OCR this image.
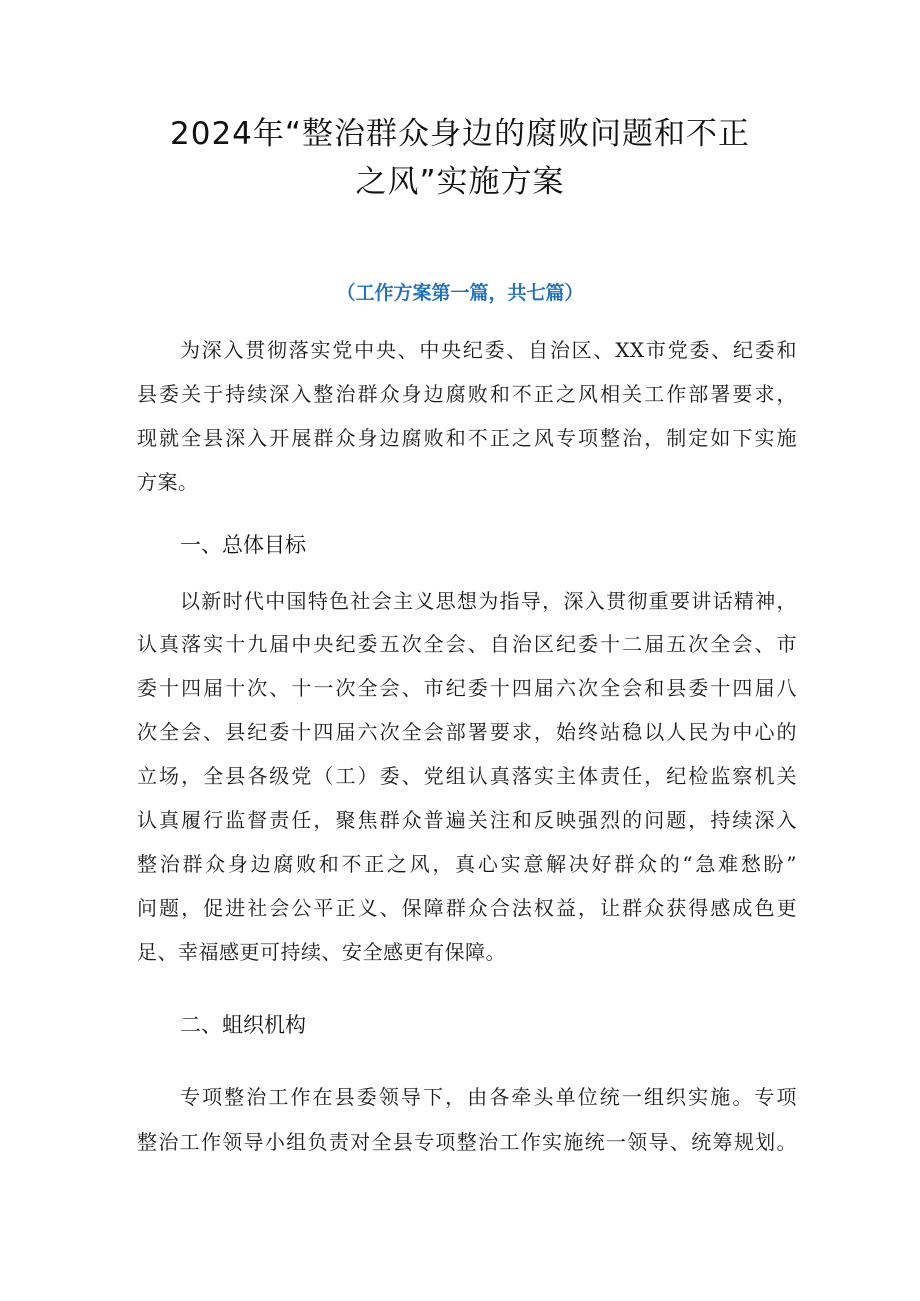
2024年“整治群众身边的腐败问题和不正
之风”实施方案
（工作方案第一篇，共七篇）
为深入贯彻落实党中央、中央纪委、自治区、XX市党委、纪委和
县委关于持续深入整治群众身边腐败和不正之风相关工作部署要求，
现就全县深入开展群众身边腐败和不正之风专项整治，制定如下实施
方案。
一、总体目标
以新时代中国特色社会主义思想为指导，深入贯彻重要讲话精神，
认真落实十九届中央纪委五次全会、自治区纪委十二届五次全会、市
委十四届十次、十一次全会、市纪委十四届六次全会和县委十四届八
次全会、县纪委十四届六次全会部署要求，始终站稳以人民为中心的
立场，全县各级党（工）委、党组认真落实主体责任，纪检监察机关
认真履行监督责任，聚焦群众普遍关注和反映强烈的问题，持续深入
整治群众身边腐败和不正之风，真心实意解决好群众的“急难愁盼”
问题，促进社会公平正义、保障群众合法权益，让群众获得感成色更
足、幸福感更可持续、安全感更有保障。
二、蛆织机构
专项整治工作在县委领导下，由各牵头单位统一组织实施。专项
整治工作领导小组负责对全县专项整治工作实施统一领导、统筹规划。
